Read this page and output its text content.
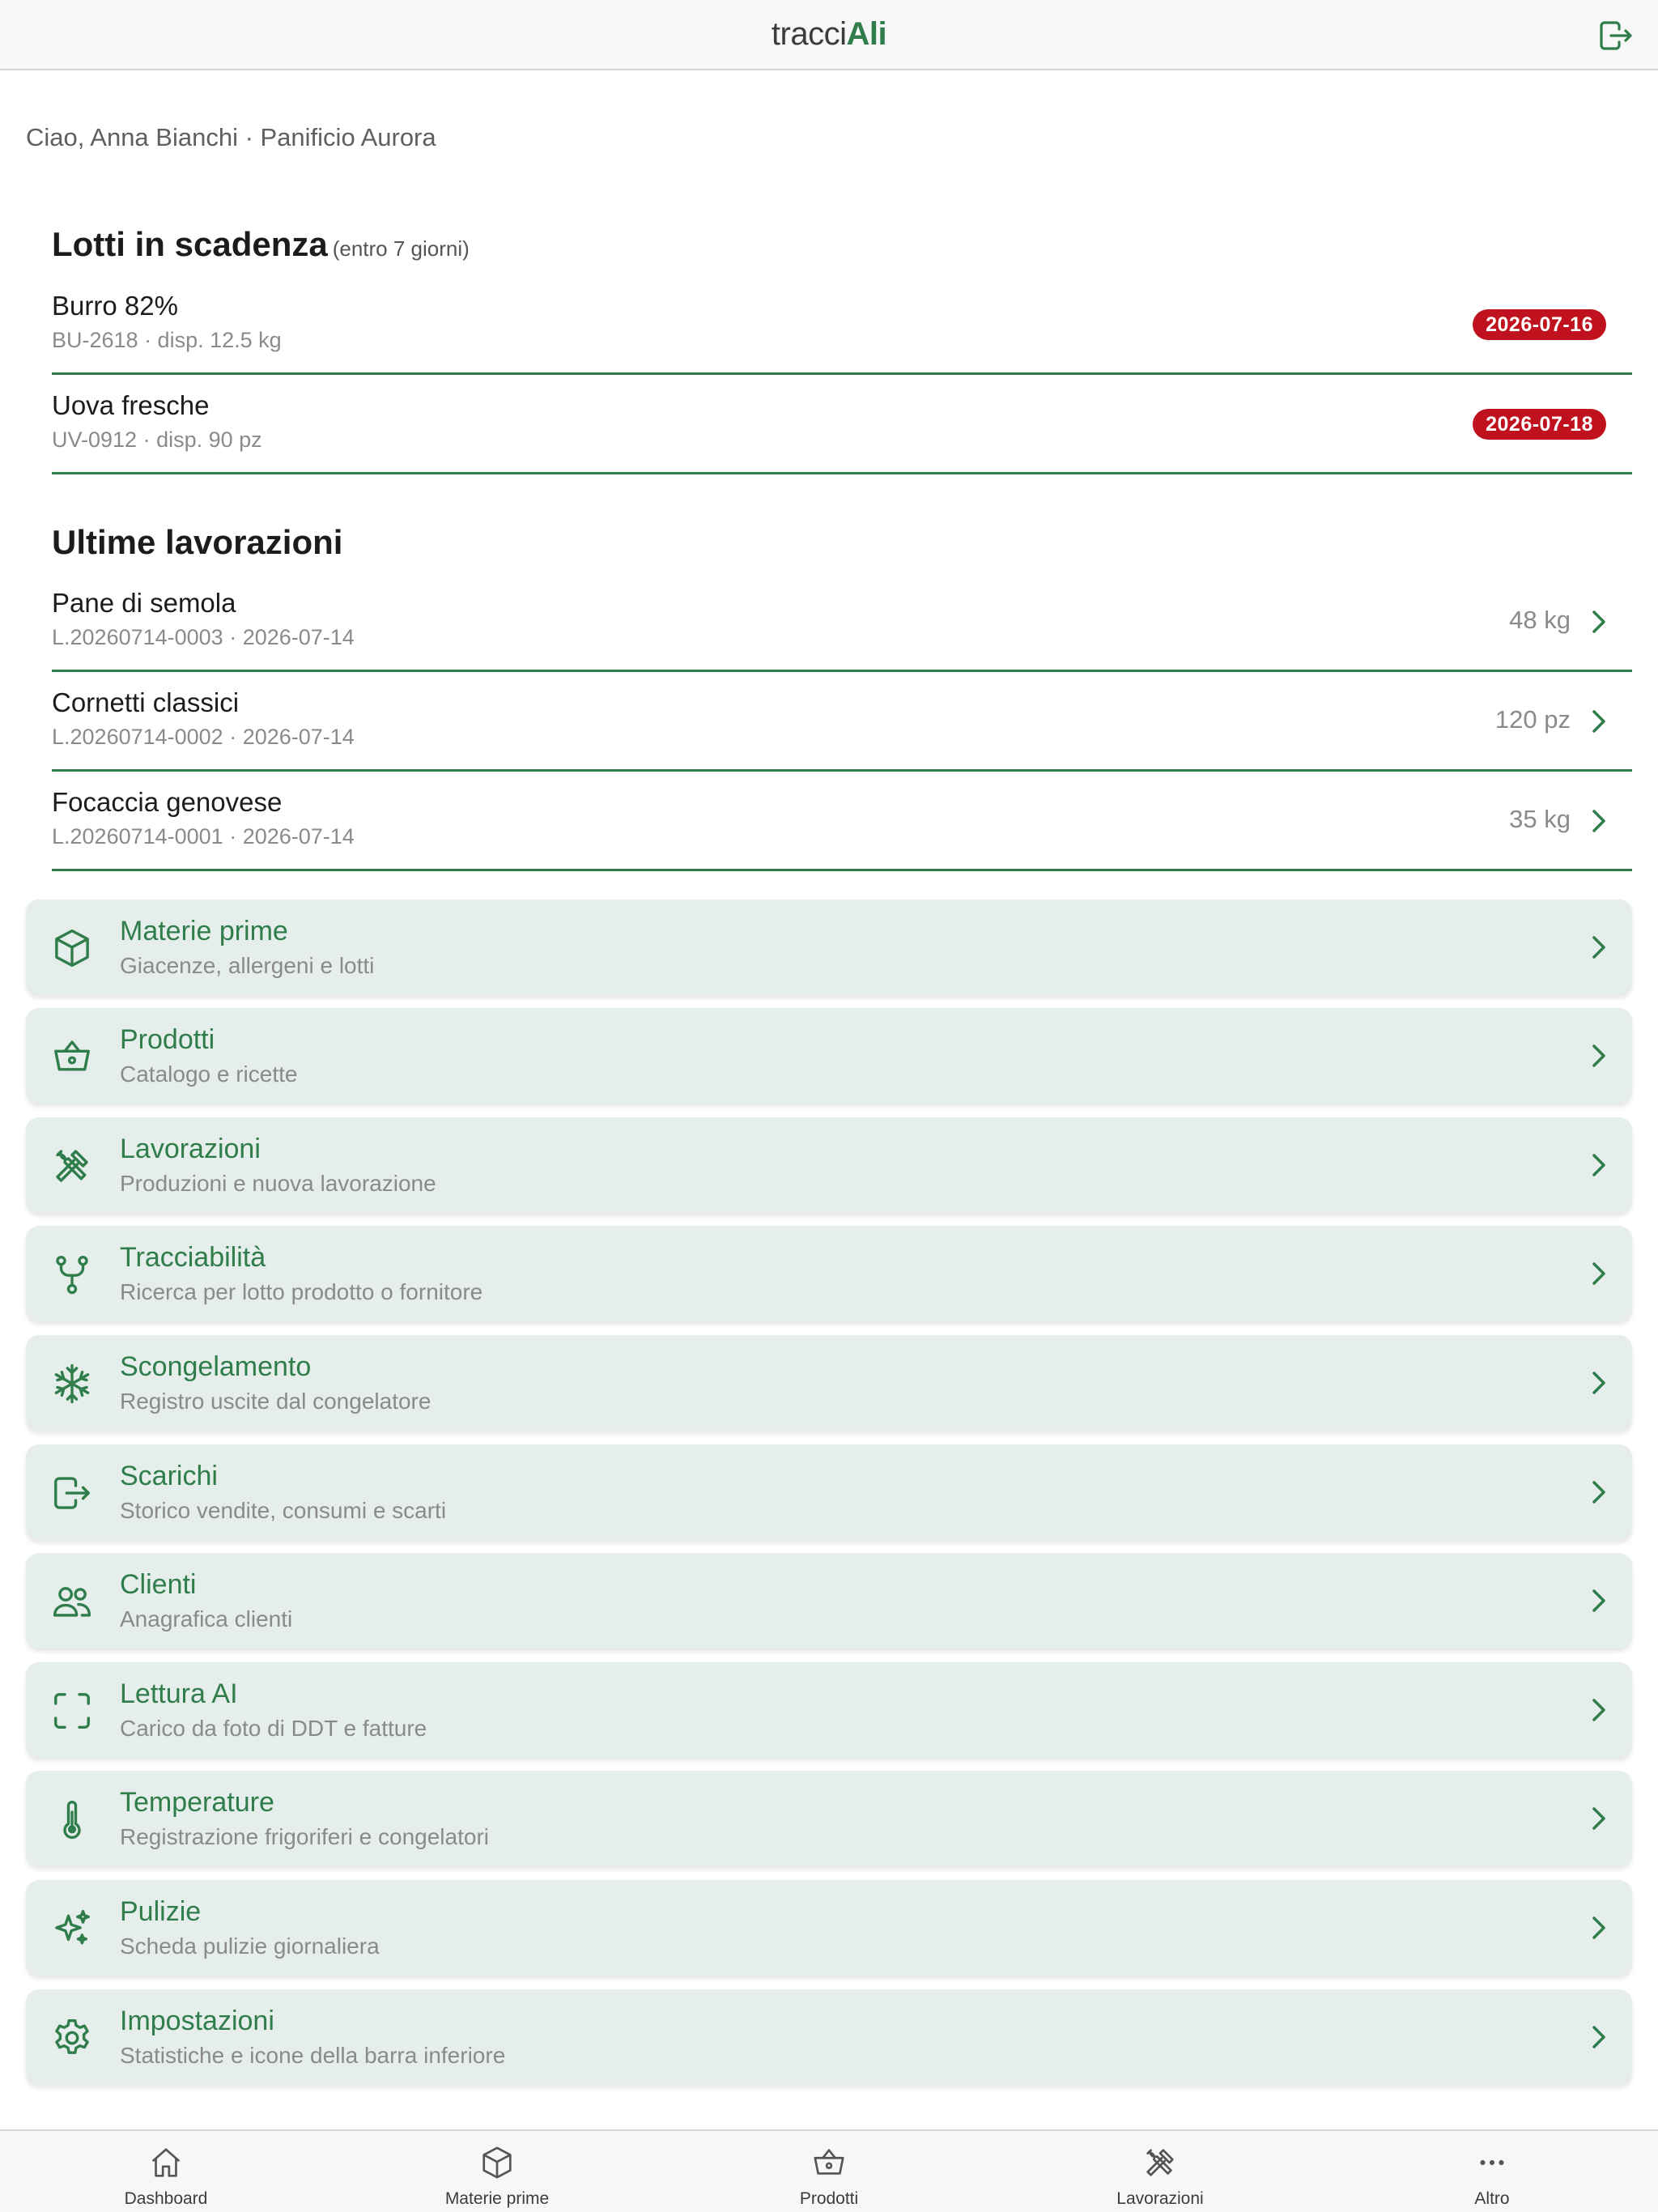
tracciAli
Ciao, Anna Bianchi · Panificio Aurora
Lotti in scadenza (entro 7 giorni)
Burro 82%
BU-2618 · disp. 12.5 kg
2026-07-16
Uova fresche
UV-0912 · disp. 90 pz
2026-07-18
Ultime lavorazioni
Pane di semola
L.20260714-0003 · 2026-07-14
48 kg
Cornetti classici
L.20260714-0002 · 2026-07-14
120 pz
Focaccia genovese
L.20260714-0001 · 2026-07-14
35 kg
Materie prime
Giacenze, allergeni e lotti
Prodotti
Catalogo e ricette
Lavorazioni
Produzioni e nuova lavorazione
Tracciabilità
Ricerca per lotto prodotto o fornitore
Scongelamento
Registro uscite dal congelatore
Scarichi
Storico vendite, consumi e scarti
Clienti
Anagrafica clienti
Lettura AI
Carico da foto di DDT e fatture
Temperature
Registrazione frigoriferi e congelatori
Pulizie
Scheda pulizie giornaliera
Impostazioni
Statistiche e icone della barra inferiore
Dashboard	Materie prime	Prodotti	Lavorazioni	Altro
